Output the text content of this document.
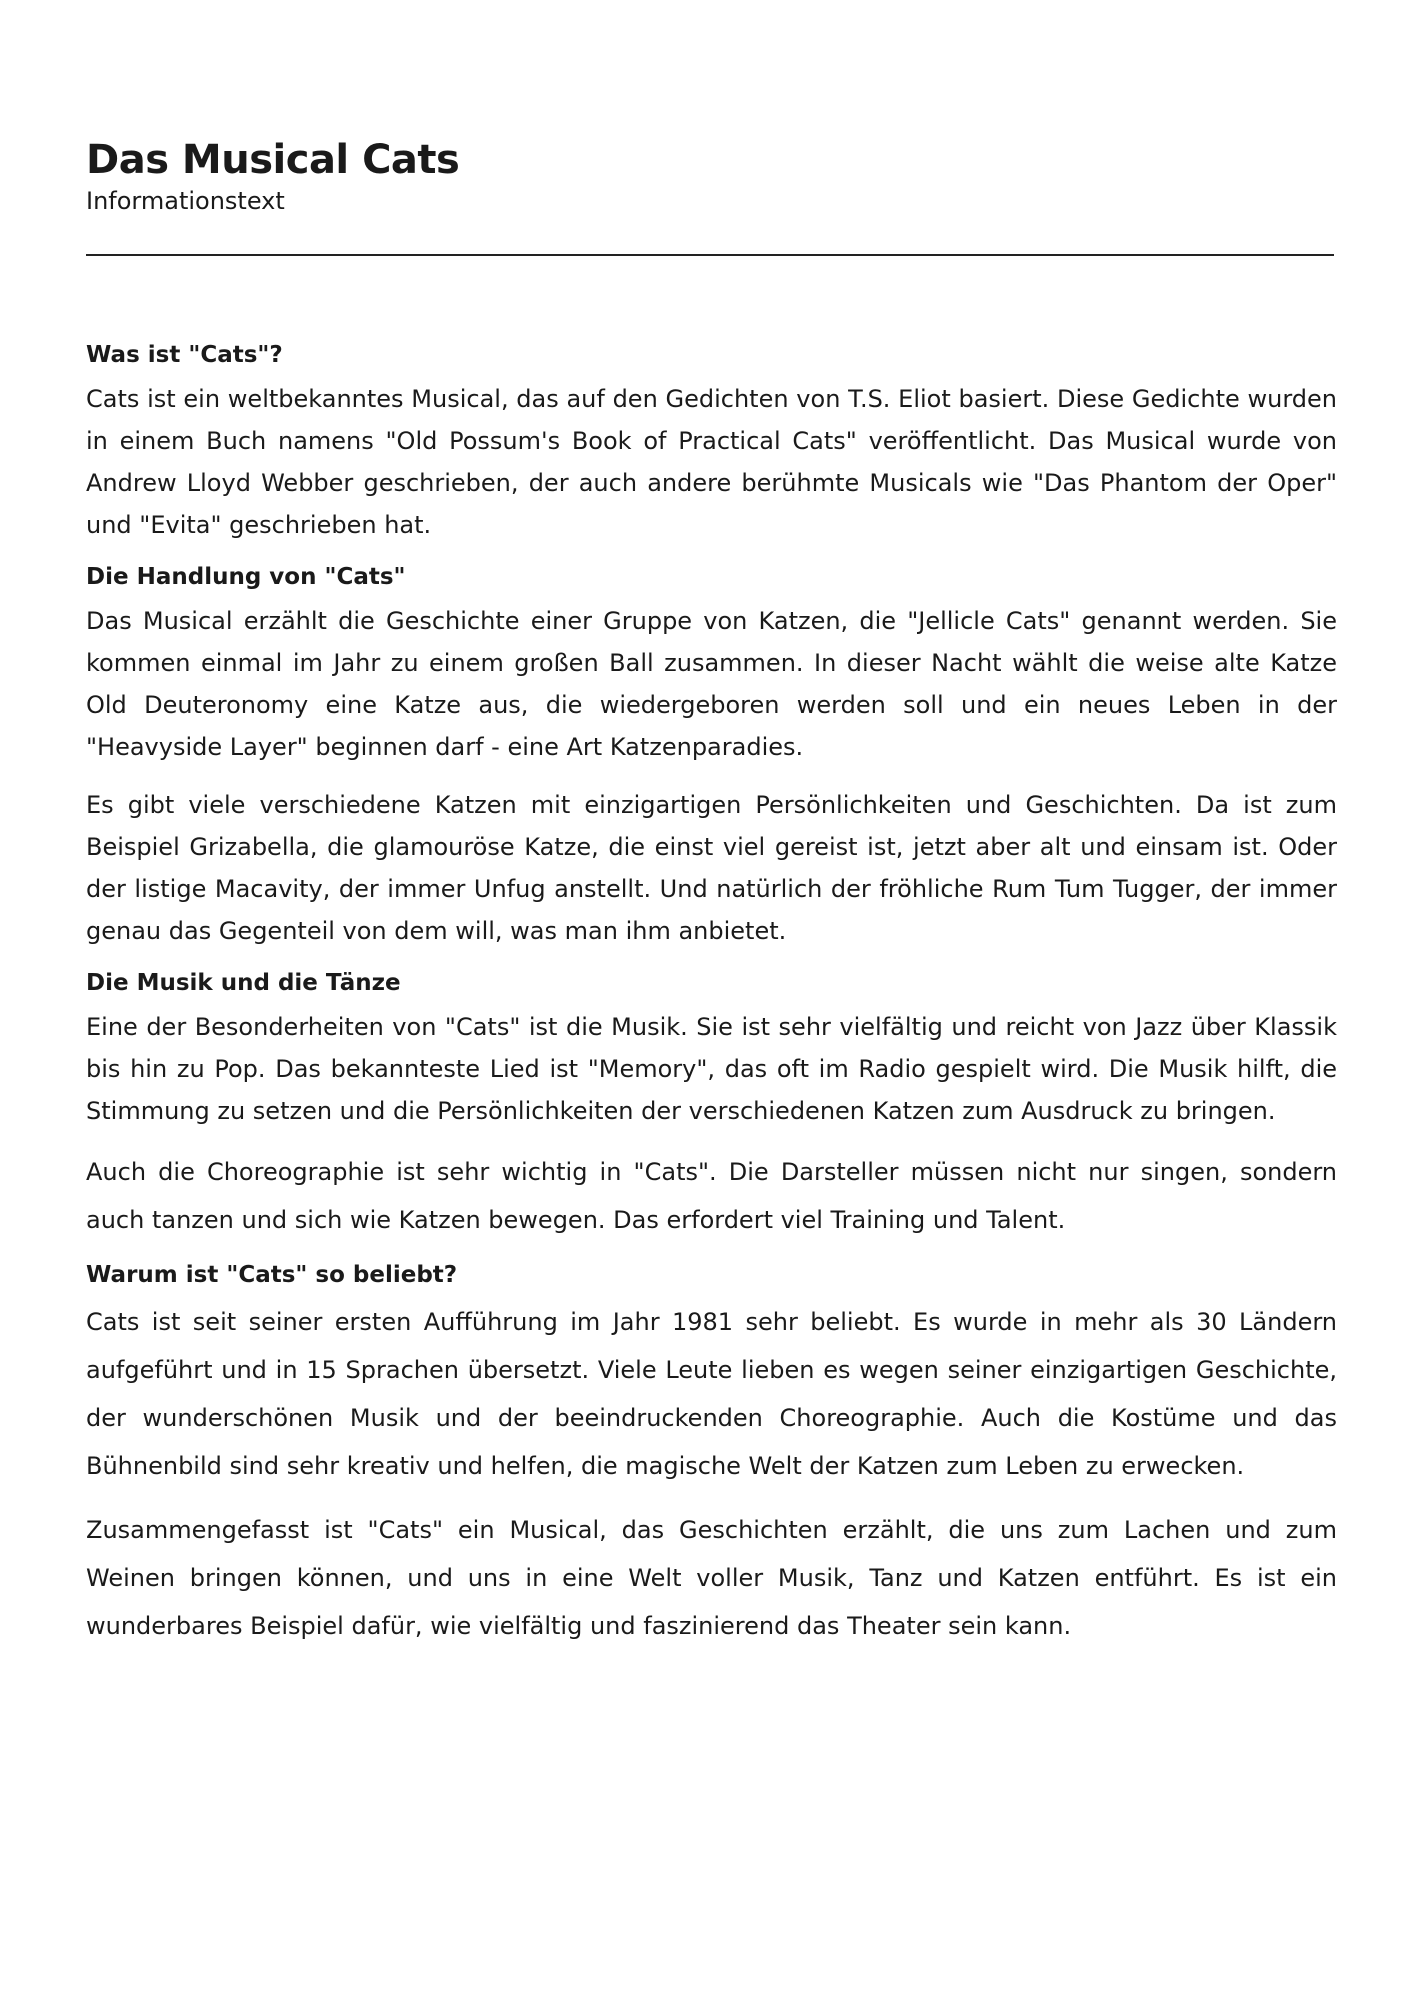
Das Musical Cats
Informationstext
Was ist "Cats"?

Cats ist ein weltbekanntes Musical, das auf den Gedichten von T.S. Eliot basiert. Diese Gedichte wurden in einem Buch namens "Old Possum's Book of Practical Cats" veröffentlicht. Das Musical wurde von Andrew Lloyd Webber geschrieben, der auch andere berühmte Musicals wie "Das Phantom der Oper" und "Evita" geschrieben hat.

Die Handlung von "Cats"

Das Musical erzählt die Geschichte einer Gruppe von Katzen, die "Jellicle Cats" genannt werden. Sie kommen einmal im Jahr zu einem großen Ball zusammen. In dieser Nacht wählt die weise alte Katze Old Deuteronomy eine Katze aus, die wiedergeboren werden soll und ein neues Leben in der "Heavyside Layer" beginnen darf - eine Art Katzenparadies.

Es gibt viele verschiedene Katzen mit einzigartigen Persönlichkeiten und Geschichten. Da ist zum Beispiel Grizabella, die glamouröse Katze, die einst viel gereist ist, jetzt aber alt und einsam ist. Oder der listige Macavity, der immer Unfug anstellt. Und natürlich der fröhliche Rum Tum Tugger, der immer genau das Gegenteil von dem will, was man ihm anbietet.

Die Musik und die Tänze

Eine der Besonderheiten von "Cats" ist die Musik. Sie ist sehr vielfältig und reicht von Jazz über Klassik bis hin zu Pop. Das bekannteste Lied ist "Memory", das oft im Radio gespielt wird. Die Musik hilft, die Stimmung zu setzen und die Persönlichkeiten der verschiedenen Katzen zum Ausdruck zu bringen.

Auch die Choreographie ist sehr wichtig in "Cats". Die Darsteller müssen nicht nur singen, sondern auch tanzen und sich wie Katzen bewegen. Das erfordert viel Training und Talent.

Warum ist "Cats" so beliebt?

Cats ist seit seiner ersten Aufführung im Jahr 1981 sehr beliebt. Es wurde in mehr als 30 Ländern aufgeführt und in 15 Sprachen übersetzt. Viele Leute lieben es wegen seiner einzigartigen Geschichte, der wunderschönen Musik und der beeindruckenden Choreographie. Auch die Kostüme und das Bühnenbild sind sehr kreativ und helfen, die magische Welt der Katzen zum Leben zu erwecken.

Zusammengefasst ist "Cats" ein Musical, das Geschichten erzählt, die uns zum Lachen und zum Weinen bringen können, und uns in eine Welt voller Musik, Tanz und Katzen entführt. Es ist ein wunderbares Beispiel dafür, wie vielfältig und faszinierend das Theater sein kann.
